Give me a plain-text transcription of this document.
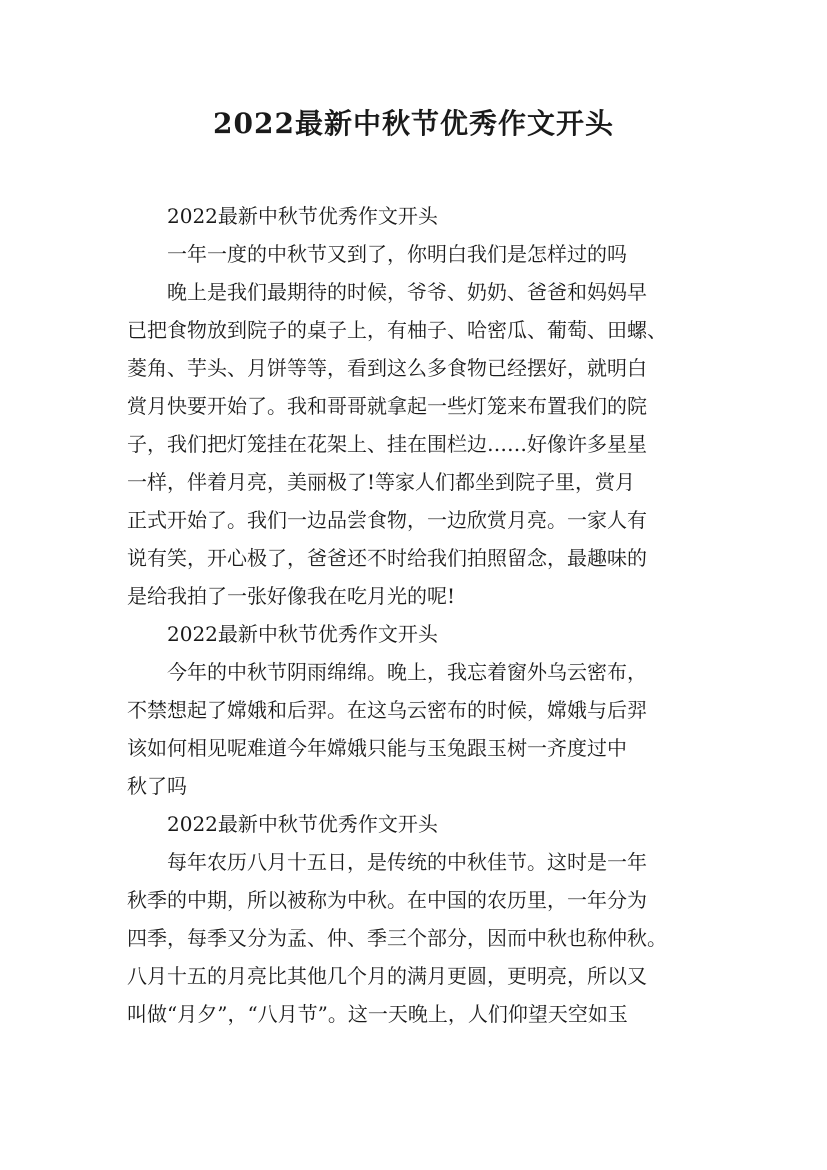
2022最新中秋节优秀作文开头
2022最新中秋节优秀作文开头
一年一度的中秋节又到了，你明白我们是怎样过的吗
晚上是我们最期待的时候，爷爷、奶奶、爸爸和妈妈早
已把食物放到院子的桌子上，有柚子、哈密瓜、葡萄、田螺、
菱角、芋头、月饼等等，看到这么多食物已经摆好，就明白
赏月快要开始了。我和哥哥就拿起一些灯笼来布置我们的院
子，我们把灯笼挂在花架上、挂在围栏边……好像许多星星
一样，伴着月亮，美丽极了!等家人们都坐到院子里，赏月
正式开始了。我们一边品尝食物，一边欣赏月亮。一家人有
说有笑，开心极了，爸爸还不时给我们拍照留念，最趣味的
是给我拍了一张好像我在吃月光的呢!
2022最新中秋节优秀作文开头
今年的中秋节阴雨绵绵。晚上，我忘着窗外乌云密布，
不禁想起了嫦娥和后羿。在这乌云密布的时候，嫦娥与后羿
该如何相见呢难道今年嫦娥只能与玉兔跟玉树一齐度过中
秋了吗
2022最新中秋节优秀作文开头
每年农历八月十五日，是传统的中秋佳节。这时是一年
秋季的中期，所以被称为中秋。在中国的农历里，一年分为
四季，每季又分为孟、仲、季三个部分，因而中秋也称仲秋。
八月十五的月亮比其他几个月的满月更圆，更明亮，所以又
叫做“月夕”，“八月节”。这一天晚上，人们仰望天空如玉
